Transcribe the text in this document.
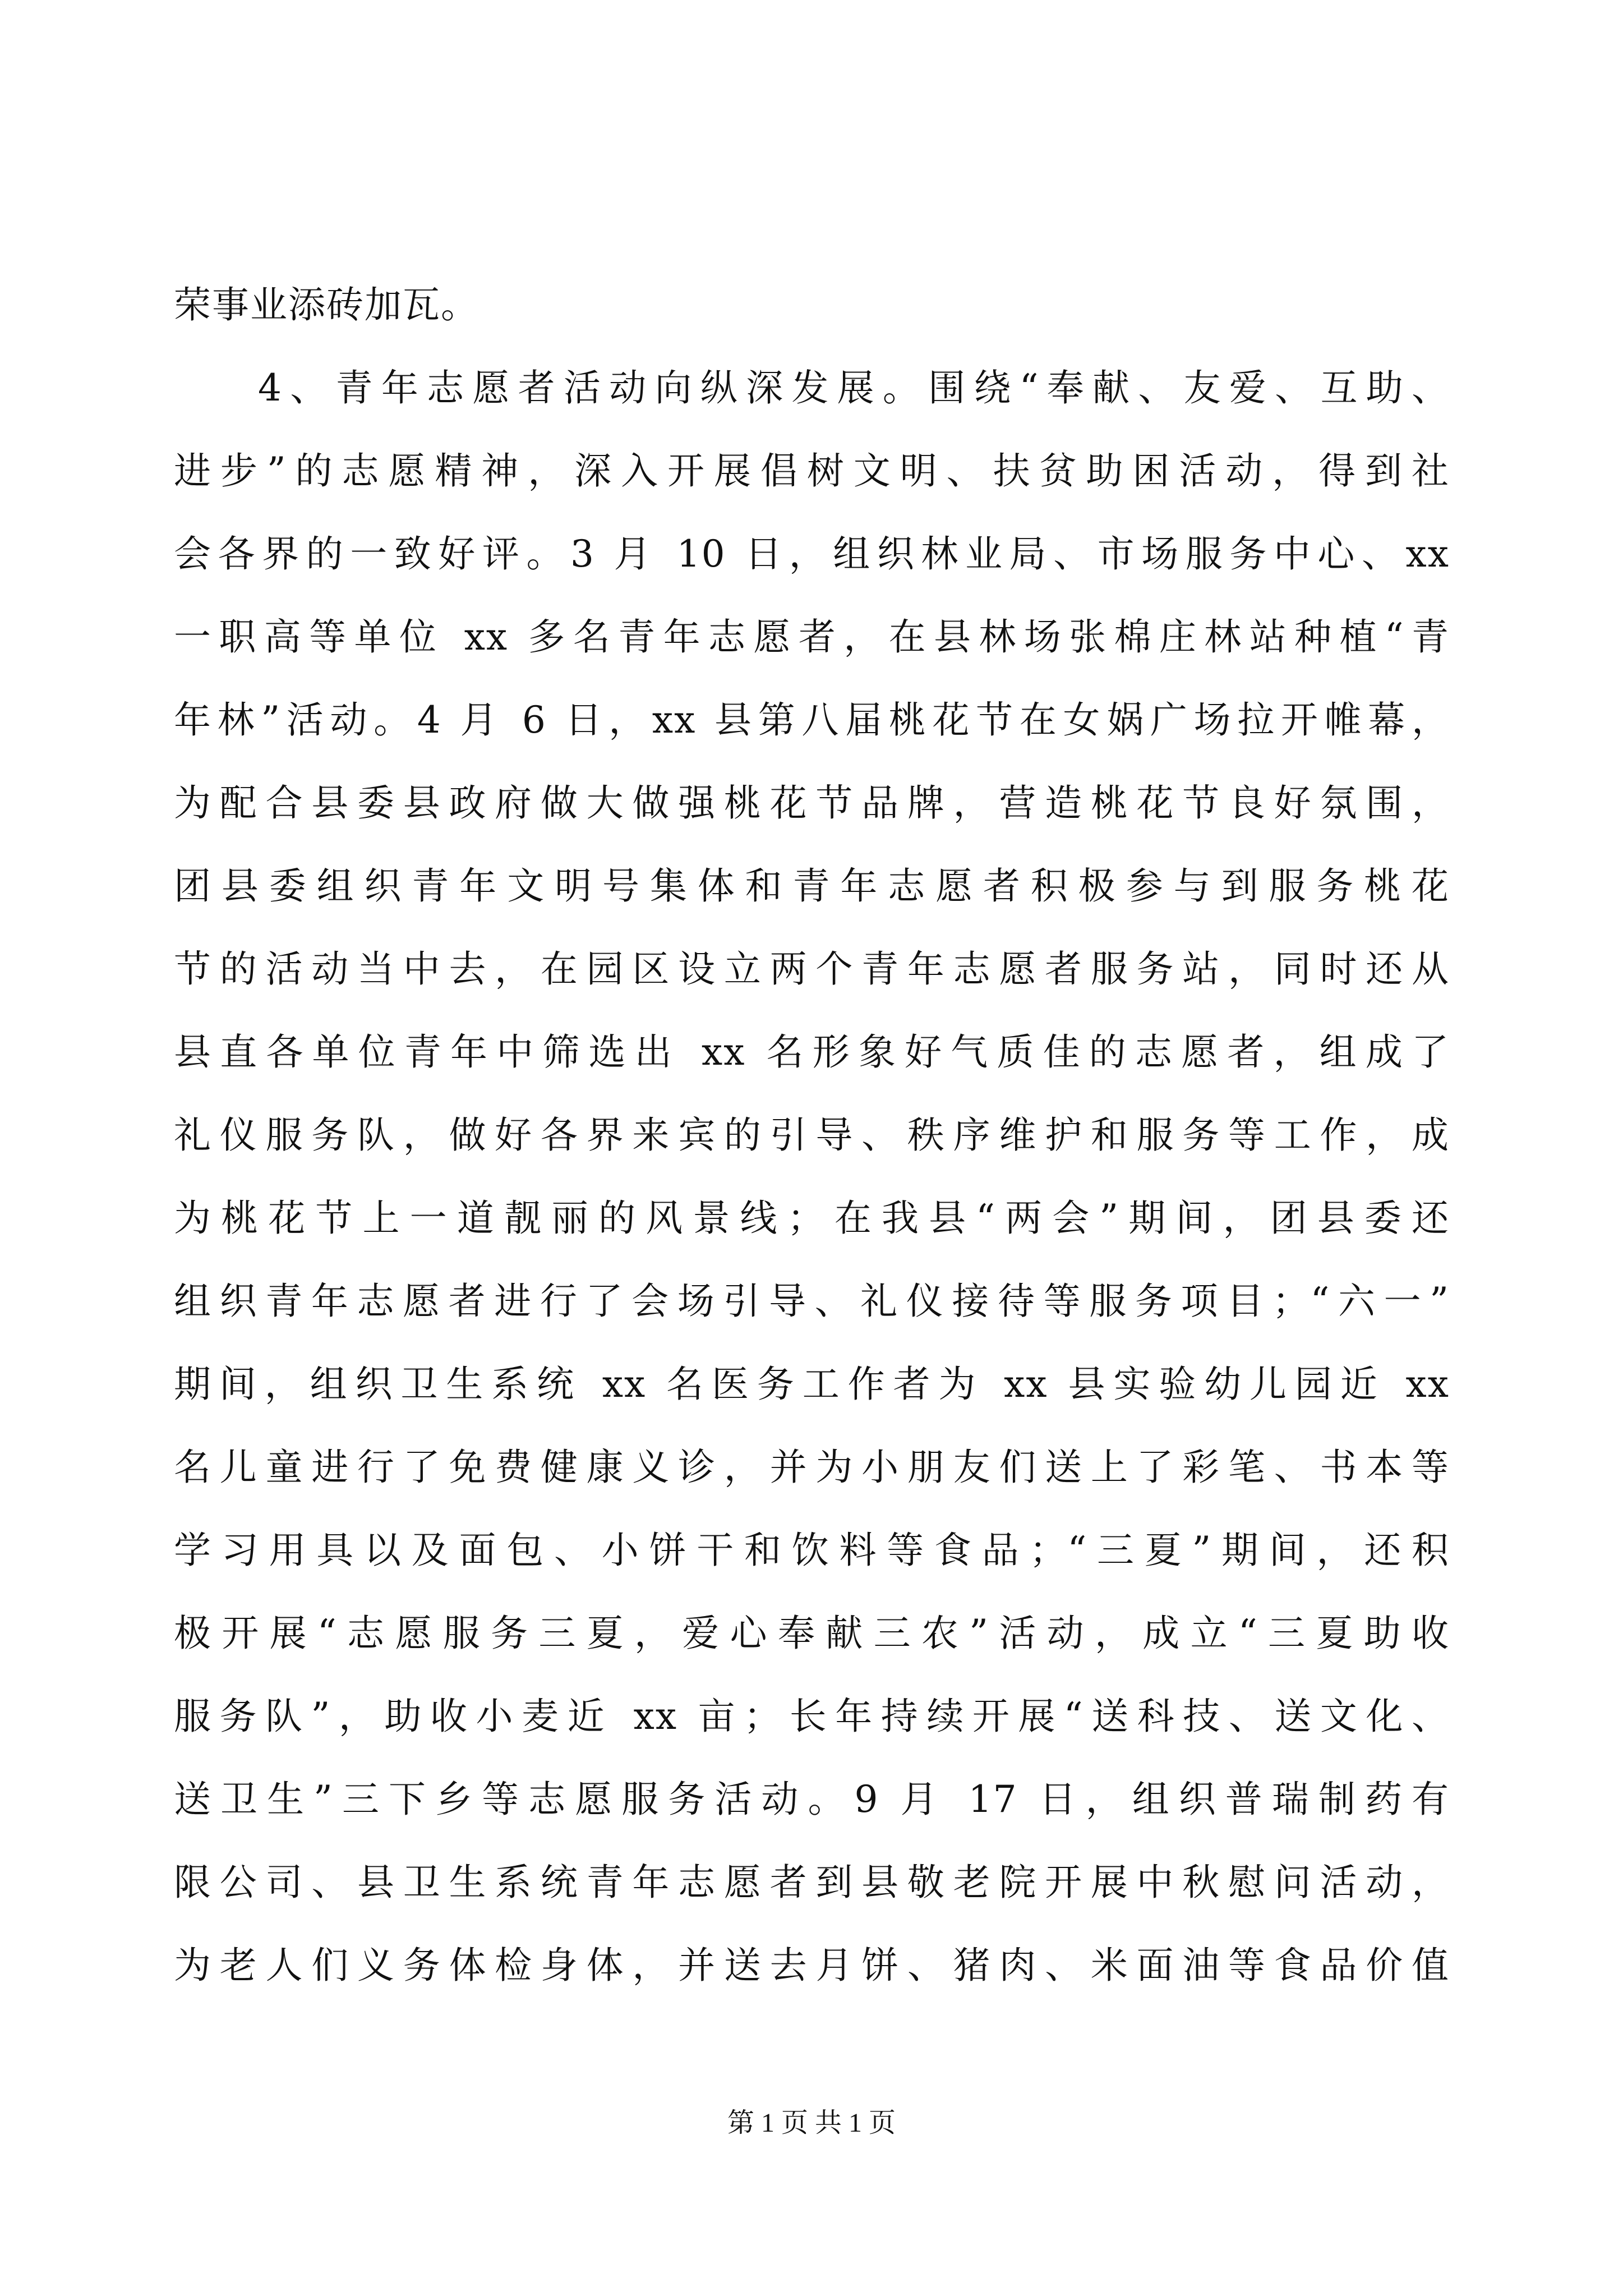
荣事业添砖加瓦。
4、青年志愿者活动向纵深发展。围绕“奉献、友爱、互助、
进步”的志愿精神，深入开展倡树文明、扶贫助困活动，得到社
会各界的一致好评。3 月 10 日，组织林业局、市场服务中心、xx
一职高等单位 xx 多名青年志愿者，在县林场张棉庄林站种植“青
年林”活动。4 月 6 日，xx 县第八届桃花节在女娲广场拉开帷幕，
为配合县委县政府做大做强桃花节品牌，营造桃花节良好氛围，
团县委组织青年文明号集体和青年志愿者积极参与到服务桃花
节的活动当中去，在园区设立两个青年志愿者服务站，同时还从
县直各单位青年中筛选出 xx 名形象好气质佳的志愿者，组成了
礼仪服务队，做好各界来宾的引导、秩序维护和服务等工作，成
为桃花节上一道靓丽的风景线；在我县“两会”期间，团县委还
组织青年志愿者进行了会场引导、礼仪接待等服务项目；“六一”
期间，组织卫生系统 xx 名医务工作者为 xx 县实验幼儿园近 xx
名儿童进行了免费健康义诊，并为小朋友们送上了彩笔、书本等
学习用具以及面包、小饼干和饮料等食品；“三夏”期间，还积
极开展“志愿服务三夏，爱心奉献三农”活动，成立“三夏助收
服务队”，助收小麦近 xx 亩；长年持续开展“送科技、送文化、
送卫生”三下乡等志愿服务活动。9 月 17 日，组织普瑞制药有
限公司、县卫生系统青年志愿者到县敬老院开展中秋慰问活动，
为老人们义务体检身体，并送去月饼、猪肉、米面油等食品价值
第 1 页 共 1 页
